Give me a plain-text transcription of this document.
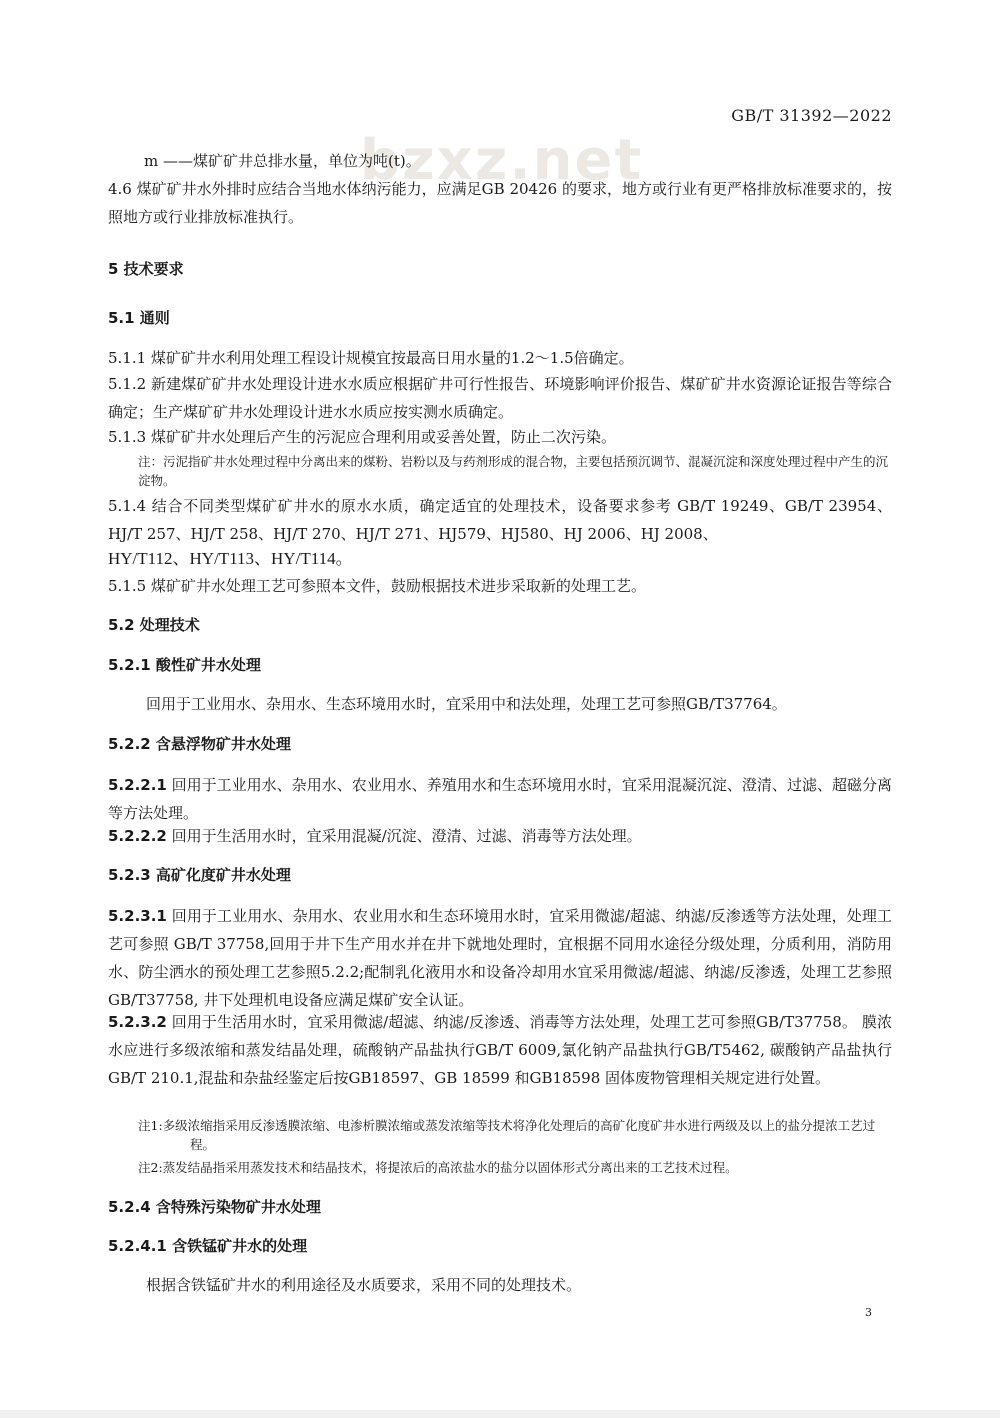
bzxz.net
GB/T 31392—2022
m ——煤矿矿井总排水量，单位为吨(t)。
4.6 煤矿矿井水外排时应结合当地水体纳污能力，应满足GB 20426 的要求，地方或行业有更严格排放标准要求的，按照地方或行业排放标准执行。
5 技术要求
5.1 通则
5.1.1 煤矿矿井水利用处理工程设计规模宜按最高日用水量的1.2～1.5倍确定。
5.1.2 新建煤矿矿井水处理设计进水水质应根据矿井可行性报告、环境影响评价报告、煤矿矿井水资源论证报告等综合确定；生产煤矿矿井水处理设计进水水质应按实测水质确定。
5.1.3 煤矿矿井水处理后产生的污泥应合理利用或妥善处置，防止二次污染。
注：污泥指矿井水处理过程中分离出来的煤粉、岩粉以及与药剂形成的混合物，主要包括预沉调节、混凝沉淀和深度处理过程中产生的沉淀物。
5.1.4 结合不同类型煤矿矿井水的原水水质，确定适宜的处理技术，设备要求参考 GB/T 19249、GB/T 23954、HJ/T 257、HJ/T 258、HJ/T 270、HJ/T 271、HJ579、HJ580、HJ 2006、HJ 2008、
HY/T112、HY/T113、HY/T114。
5.1.5 煤矿矿井水处理工艺可参照本文件，鼓励根据技术进步采取新的处理工艺。
5.2 处理技术
5.2.1 酸性矿井水处理
回用于工业用水、杂用水、生态环境用水时，宜采用中和法处理，处理工艺可参照GB/T37764。
5.2.2 含悬浮物矿井水处理
5.2.2.1 回用于工业用水、杂用水、农业用水、养殖用水和生态环境用水时，宜采用混凝沉淀、澄清、过滤、超磁分离等方法处理。
5.2.2.2 回用于生活用水时，宜采用混凝/沉淀、澄清、过滤、消毒等方法处理。
5.2.3 高矿化度矿井水处理
5.2.3.1 回用于工业用水、杂用水、农业用水和生态环境用水时，宜采用微滤/超滤、纳滤/反渗透等方法处理，处理工艺可参照 GB/T 37758,回用于井下生产用水并在井下就地处理时，宜根据不同用水途径分级处理，分质利用，消防用水、防尘洒水的预处理工艺参照5.2.2;配制乳化液用水和设备冷却用水宜采用微滤/超滤、纳滤/反渗透，处理工艺参照GB/T37758, 井下处理机电设备应满足煤矿安全认证。
5.2.3.2 回用于生活用水时，宜采用微滤/超滤、纳滤/反渗透、消毒等方法处理，处理工艺可参照GB/T37758。 膜浓水应进行多级浓缩和蒸发结晶处理，硫酸钠产品盐执行GB/T 6009,氯化钠产品盐执行GB/T5462, 碳酸钠产品盐执行 GB/T 210.1,混盐和杂盐经鉴定后按GB18597、GB 18599 和GB18598 固体废物管理相关规定进行处置。
注1:多级浓缩指采用反渗透膜浓缩、电渗析膜浓缩或蒸发浓缩等技术将净化处理后的高矿化度矿井水进行两级及以上的盐分提浓工艺过程。
注2:蒸发结晶指采用蒸发技术和结晶技术，将提浓后的高浓盐水的盐分以固体形式分离出来的工艺技术过程。
5.2.4 含特殊污染物矿井水处理
5.2.4.1 含铁锰矿井水的处理
根据含铁锰矿井水的利用途径及水质要求，采用不同的处理技术。
3
